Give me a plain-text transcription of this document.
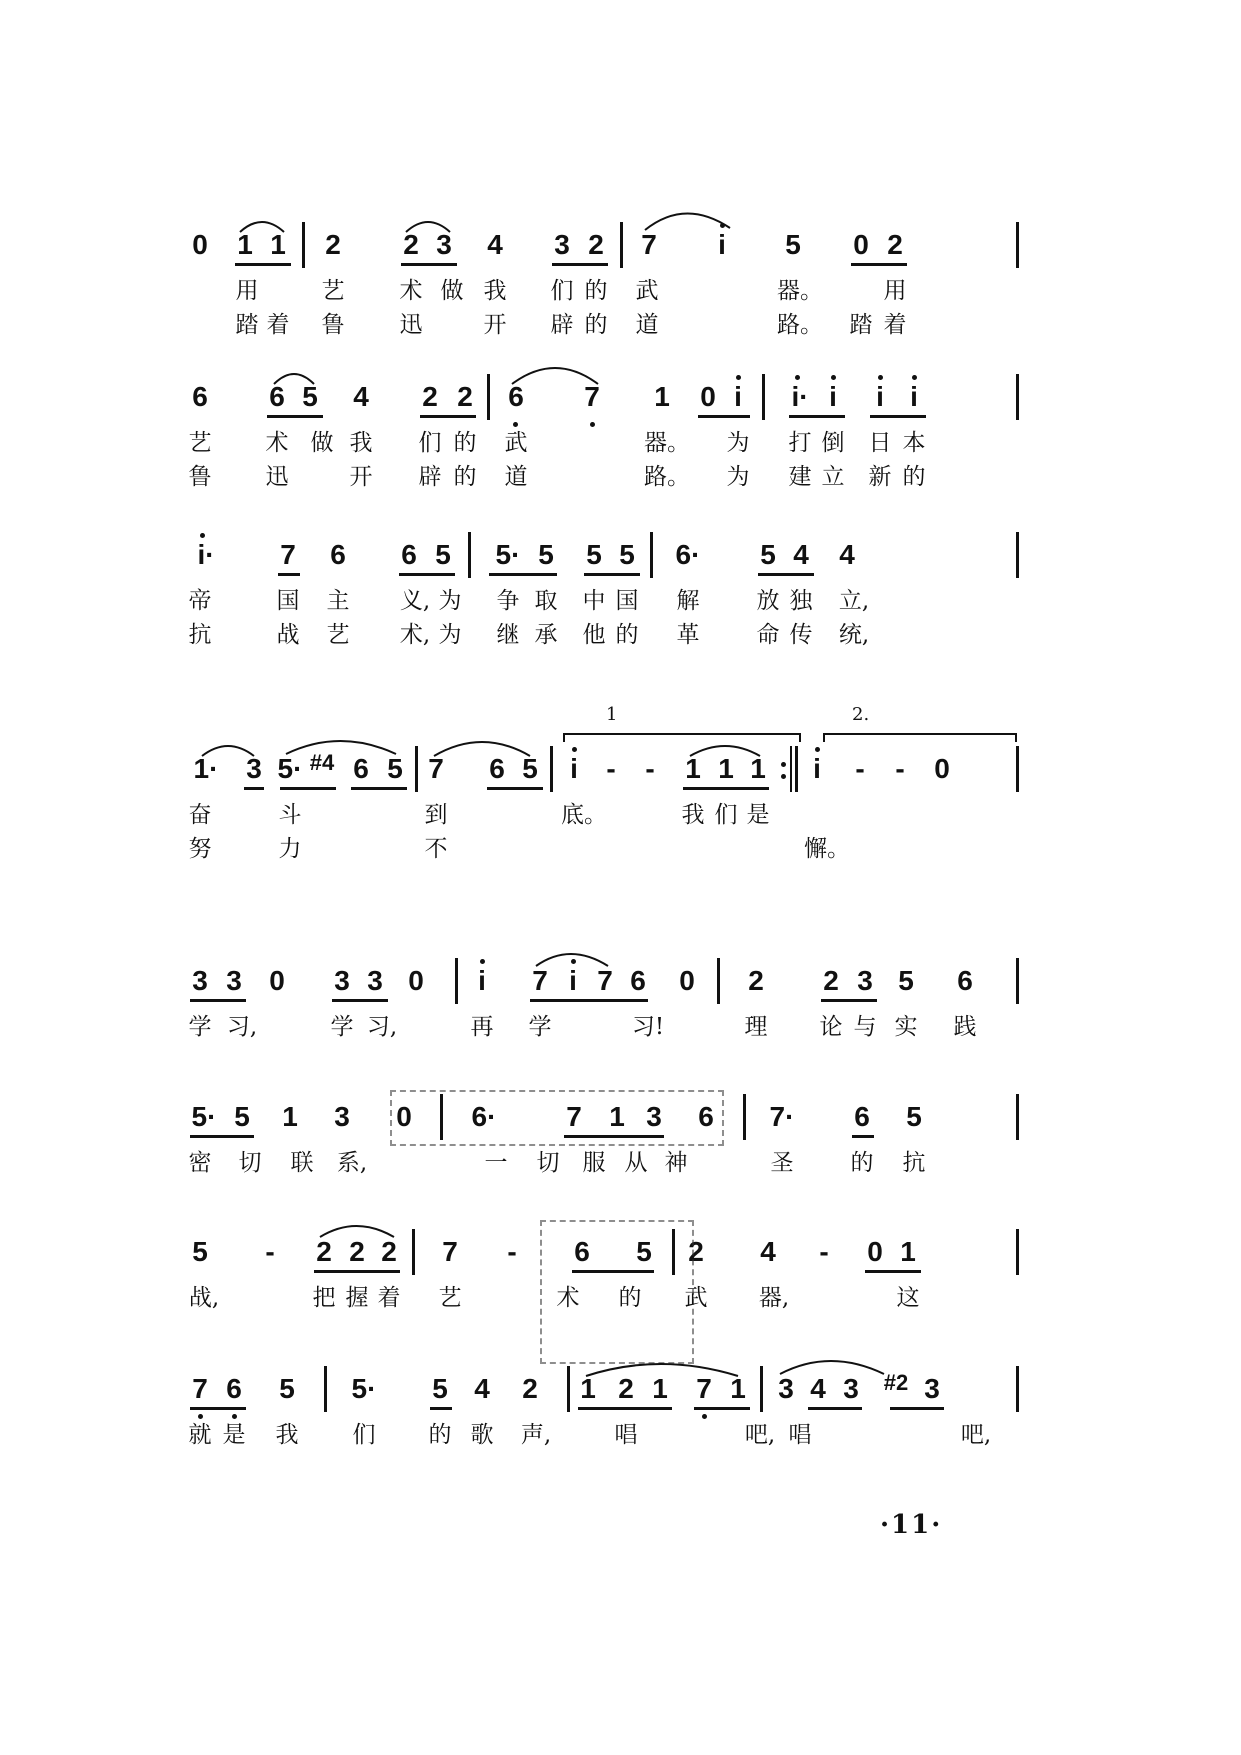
0 1 1 2 2 3 4 3 2 7 i 5 0 2
用	艺 术 做 我 们 的 武	器。	用
踏 着 鲁 迅	开 辟 的 道	路。 踏 着
6 6 5 4 2 2 6 7 1 0 i i· i i i
艺 术 做 我 们 的 武	器。 为 打 倒 日 本
鲁 迅	开 辟 的 道	路。 为 建 立 新 的
i· 7 6 6 5 5· 5 5 5 6· 5 4 4
帝	国 主 义, 为 争 取 中 国 解 放 独 立,
抗	战 艺 术, 为 继 承 他 的 革 命 传 统,
1	2.
1· 3 5· #4 6 5 7 6 5 i - - 1 1 1 i - - 0
奋	斗	到	底。	我 们 是
努	力	不	懈。
3 3 0 3 3 0 i 7 i 7 6 0 2 2 3 5 6
学 习,	学 习,	再 学	习!	理 论 与 实 践
5· 5 1 3 0 6· 7 1 3 6 7· 6 5
密 切 联 系,	一 切 服 从 神	圣 的 抗
5 - 2 2 2 7 - 6 5 2 4 - 0 1
战,	把 握 着 艺	术 的 武 器,	这
7 6 5 5· 5 4 2 1 2 1 7 1 3 4 3 #2 3
就 是 我 们 的 歌 声,	唱	吧, 唱	吧,
·11·
